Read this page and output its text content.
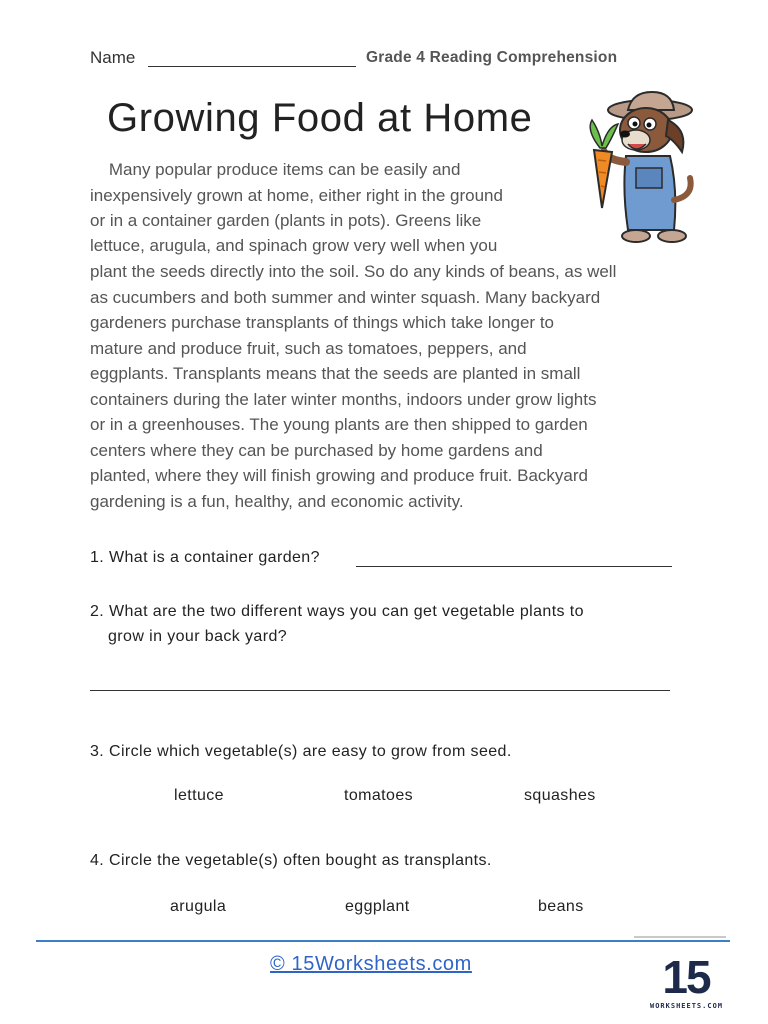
Name	Grade 4 Reading Comprehension
Growing Food at Home
Many popular produce items can be easily and
inexpensively grown at home, either right in the ground
or in a container garden (plants in pots). Greens like
lettuce, arugula, and spinach grow very well when you
plant the seeds directly into the soil. So do any kinds of beans, as well
as cucumbers and both summer and winter squash. Many backyard
gardeners purchase transplants of things which take longer to
mature and produce fruit, such as tomatoes, peppers, and
eggplants. Transplants means that the seeds are planted in small
containers during the later winter months, indoors under grow lights
or in a greenhouses. The young plants are then shipped to garden
centers where they can be purchased by home gardens and
planted, where they will finish growing and produce fruit. Backyard
gardening is a fun, healthy, and economic activity.
1. What is a container garden?
2. What are the two different ways you can get vegetable plants to
grow in your back yard?
3. Circle which vegetable(s) are easy to grow from seed.
lettuce	tomatoes	squashes
4. Circle the vegetable(s) often bought as transplants.
arugula	eggplant	beans
© 15Worksheets.com	15
WORKSHEETS.COM
